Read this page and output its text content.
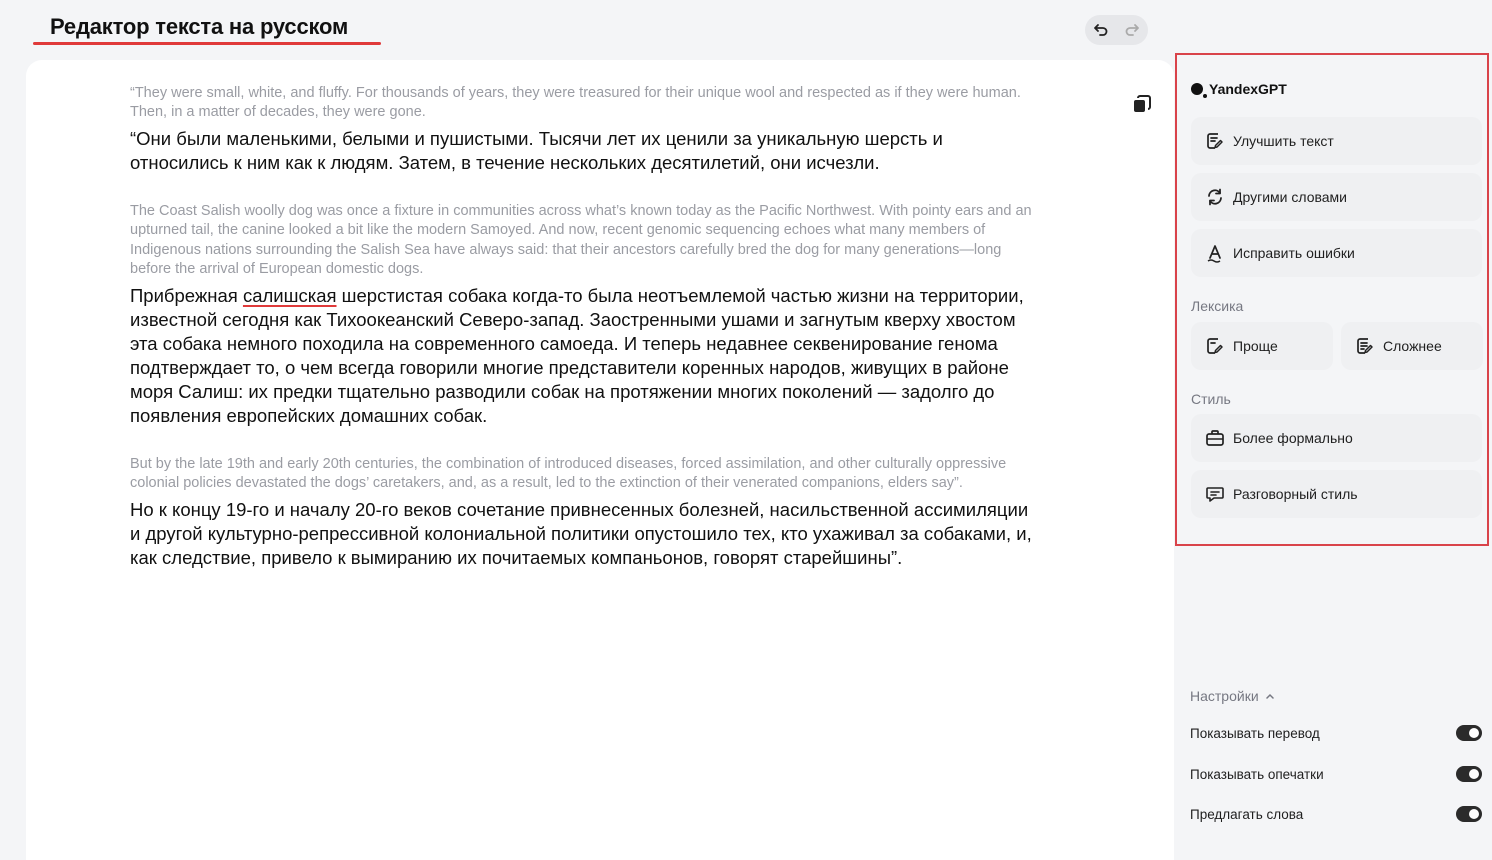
Редактор текста на русском

“They were small, white, and fluffy. For thousands of years, they were treasured for their unique wool and respected as if they were human. Then, in a matter of decades, they were gone.

“Они были маленькими, белыми и пушистыми. Тысячи лет их ценили за уникальную шерсть и относились к ним как к людям. Затем, в течение нескольких десятилетий, они исчезли.

The Coast Salish woolly dog was once a fixture in communities across what’s known today as the Pacific Northwest. With pointy ears and an upturned tail, the canine looked a bit like the modern Samoyed. And now, recent genomic sequencing echoes what many members of Indigenous nations surrounding the Salish Sea have always said: that their ancestors carefully bred the dog for many generations—long before the arrival of European domestic dogs.

Прибрежная салишская шерстистая собака когда-то была неотъемлемой частью жизни на территории, известной сегодня как Тихоокеанский Северо-запад. Заостренными ушами и загнутым кверху хвостом эта собака немного походила на современного самоеда. И теперь недавнее секвенирование генома подтверждает то, о чем всегда говорили многие представители коренных народов, живущих в районе моря Салиш: их предки тщательно разводили собак на протяжении многих поколений — задолго до появления европейских домашних собак.

But by the late 19th and early 20th centuries, the combination of introduced diseases, forced assimilation, and other culturally oppressive colonial policies devastated the dogs’ caretakers, and, as a result, led to the extinction of their venerated companions, elders say”.

Но к концу 19-го и началу 20-го веков сочетание привнесенных болезней, насильственной ассимиляции и другой культурно-репрессивной колониальной политики опустошило тех, кто ухаживал за собаками, и, как следствие, привело к вымиранию их почитаемых компаньонов, говорят старейшины”.

YandexGPT
Улучшить текст
Другими словами
Исправить ошибки
Лексика
Проще	Сложнее
Стиль
Более формально
Разговорный стиль
Настройки
Показывать перевод
Показывать опечатки
Предлагать слова
